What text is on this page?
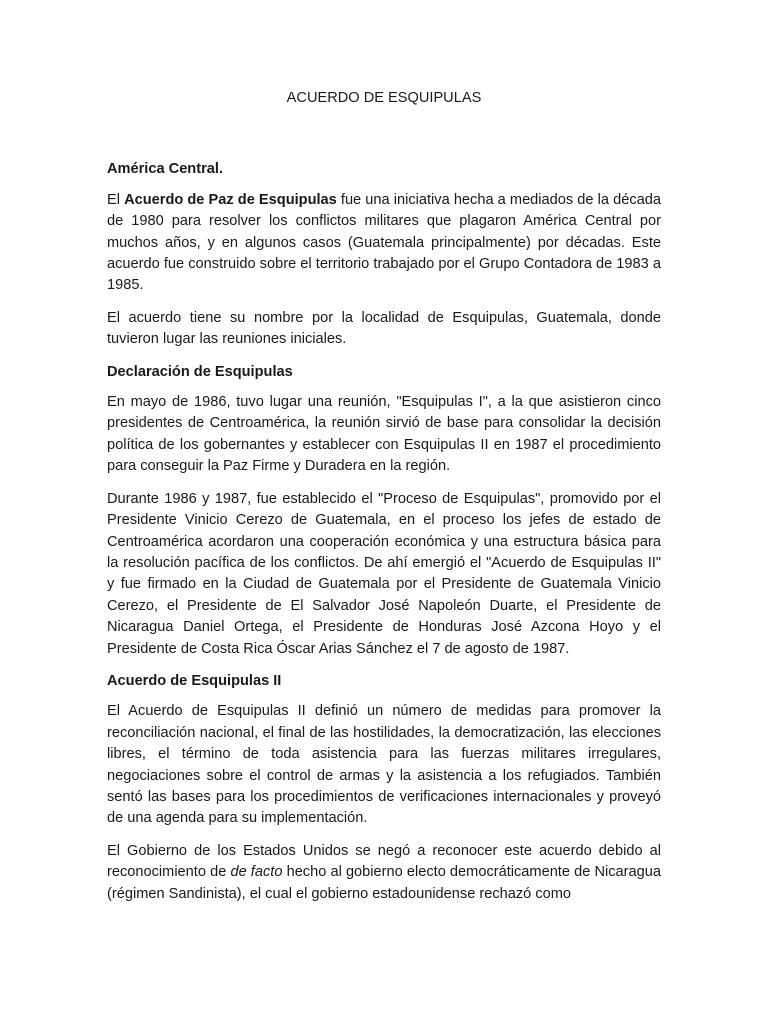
ACUERDO DE ESQUIPULAS
América Central.

El Acuerdo de Paz de Esquipulas fue una iniciativa hecha a mediados de la década de 1980 para resolver los conflictos militares que plagaron América Central por muchos años, y en algunos casos (Guatemala principalmente) por décadas. Este acuerdo fue construido sobre el territorio trabajado por el Grupo Contadora de 1983 a 1985.

El acuerdo tiene su nombre por la localidad de Esquipulas, Guatemala, donde tuvieron lugar las reuniones iniciales.

Declaración de Esquipulas

En mayo de 1986, tuvo lugar una reunión, "Esquipulas I", a la que asistieron cinco presidentes de Centroamérica, la reunión sirvió de base para consolidar la decisión política de los gobernantes y establecer con Esquipulas II en 1987 el procedimiento para conseguir la Paz Firme y Duradera en la región.

Durante 1986 y 1987, fue establecido el "Proceso de Esquipulas", promovido por el Presidente Vinicio Cerezo de Guatemala, en el proceso los jefes de estado de Centroamérica acordaron una cooperación económica y una estructura básica para la resolución pacífica de los conflictos. De ahí emergió el "Acuerdo de Esquipulas II" y fue firmado en la Ciudad de Guatemala por el Presidente de Guatemala Vinicio Cerezo, el Presidente de El Salvador José Napoleón Duarte, el Presidente de Nicaragua Daniel Ortega, el Presidente de Honduras José Azcona Hoyo y el Presidente de Costa Rica Óscar Arias Sánchez el 7 de agosto de 1987.

Acuerdo de Esquipulas II

El Acuerdo de Esquipulas II definió un número de medidas para promover la reconciliación nacional, el final de las hostilidades, la democratización, las elecciones libres, el término de toda asistencia para las fuerzas militares irregulares, negociaciones sobre el control de armas y la asistencia a los refugiados. También sentó las bases para los procedimientos de verificaciones internacionales y proveyó de una agenda para su implementación.

El Gobierno de los Estados Unidos se negó a reconocer este acuerdo debido al reconocimiento de de facto hecho al gobierno electo democráticamente de Nicaragua (régimen Sandinista), el cual el gobierno estadounidense rechazó como
